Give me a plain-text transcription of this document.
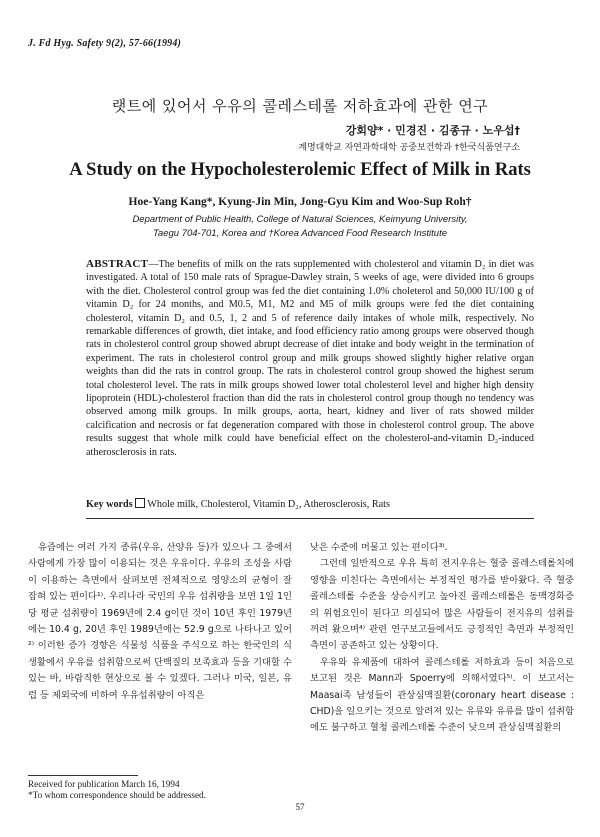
J. Fd Hyg. Safety 9(2), 57-66(1994)
랫트에 있어서 우유의 콜레스테롤 저하효과에 관한 연구
강회양* · 민경진 · 김종규 · 노우섭†
계명대학교 자연과학대학 공중보건학과 †한국식품연구소
A Study on the Hypocholesterolemic Effect of Milk in Rats
Hoe-Yang Kang*, Kyung-Jin Min, Jong-Gyu Kim and Woo-Sup Roh†
Department of Public Health, College of Natural Sciences, Keimyung University,
Taegu 704-701, Korea and †Korea Advanced Food Research Institute
ABSTRACT—The benefits of milk on the rats supplemented with cholesterol and vitamin D₂ in diet was investigated. A total of 150 male rats of Sprague-Dawley strain, 5 weeks of age, were divided into 6 groups with the diet. Cholesterol control group was fed the diet containing 1.0% choleterol and 50,000 IU/100 g of vitamin D₂ for 24 months, and M0.5, M1, M2 and M5 of milk groups were fed the diet containing cholesterol, vitamin D₂ and 0.5, 1, 2 and 5 of reference daily intakes of whole milk, respectively. No remarkable differences of growth, diet intake, and food efficiency ratio among groups were observed though rats in cholesterol control group showed abrupt decrease of diet intake and body weight in the termination of experiment. The rats in cholesterol control group and milk groups showed slightly higher relative organ weights than did the rats in control group. The rats in cholesterol control group showed the highest serum total cholesterol level. The rats in milk groups showed lower total cholesterol level and higher high density lipoprotein (HDL)-cholesterol fraction than did the rats in cholesterol control group though no tendency was observed among milk groups. In milk groups, aorta, heart, kidney and liver of rats showed milder calcification and necrosis or fat degeneration compared with those in cholesterol control group. The above results suggest that whole milk could have beneficial effect on the cholesterol-and-vitamin D₂-induced atherosclerosis in rats.
Key words Whole milk, Cholesterol, Vitamin D₂, Atherosclerosis, Rats

유즙에는 여러 가지 종류(우유, 산양유 등)가 있으나 그 중에서 사람에게 가장 많이 이용되는 것은 우유이다. 우유의 조성을 사람이 이용하는 측면에서 살펴보면 전체적으로 영양소의 균형이 잘 잡혀 있는 편이다¹⁾. 우리나라 국민의 우유 섭취량을 보면 1일 1인당 평균 섭취량이 1969년에 2.4 g이던 것이 10년 후인 1979년에는 10.4 g, 20년 후인 1989년에는 52.9 g으로 나타나고 있어²⁾ 이러한 증가 경향은 식물성 식품을 주식으로 하는 한국인의 식생활에서 우유를 섭취함으로써 단백질의 보족효과 등을 기대할 수 있는 바, 바람직한 현상으로 볼 수 있겠다. 그러나 미국, 일본, 유럽 등 제외국에 비하여 우유섭취량이 아직은

낮은 수준에 머물고 있는 편이다³⁾.

그런데 일반적으로 우유 특히 전지우유는 혈중 콜레스테롤치에 영향을 미친다는 측면에서는 부정적인 평가를 받아왔다. 즉 혈중 콜레스테롤 수준을 상승시키고 높아진 콜레스테롤은 동맥경화증의 위험요인이 된다고 의심되어 많은 사람들이 전지유의 섭취를 꺼려 왔으며⁴⁾ 관련 연구보고들에서도 긍정적인 측면과 부정적인 측면이 공존하고 있는 상황이다.

우유와 유제품에 대하여 콜레스테롤 저하효과 등이 처음으로 보고된 것은 Mann과 Spoerry에 의해서였다⁵⁾. 이 보고서는 Maasai족 남성들이 관상심맥질환(coronary heart disease : CHD)을 일으키는 것으로 알려져 있는 유류와 유류를 많이 섭취함에도 불구하고 혈청 콜레스테롤 수준이 낮으며 관상심맥질환의

Received for publication March 16, 1994
*To whom correspondence should be addressed.
57
